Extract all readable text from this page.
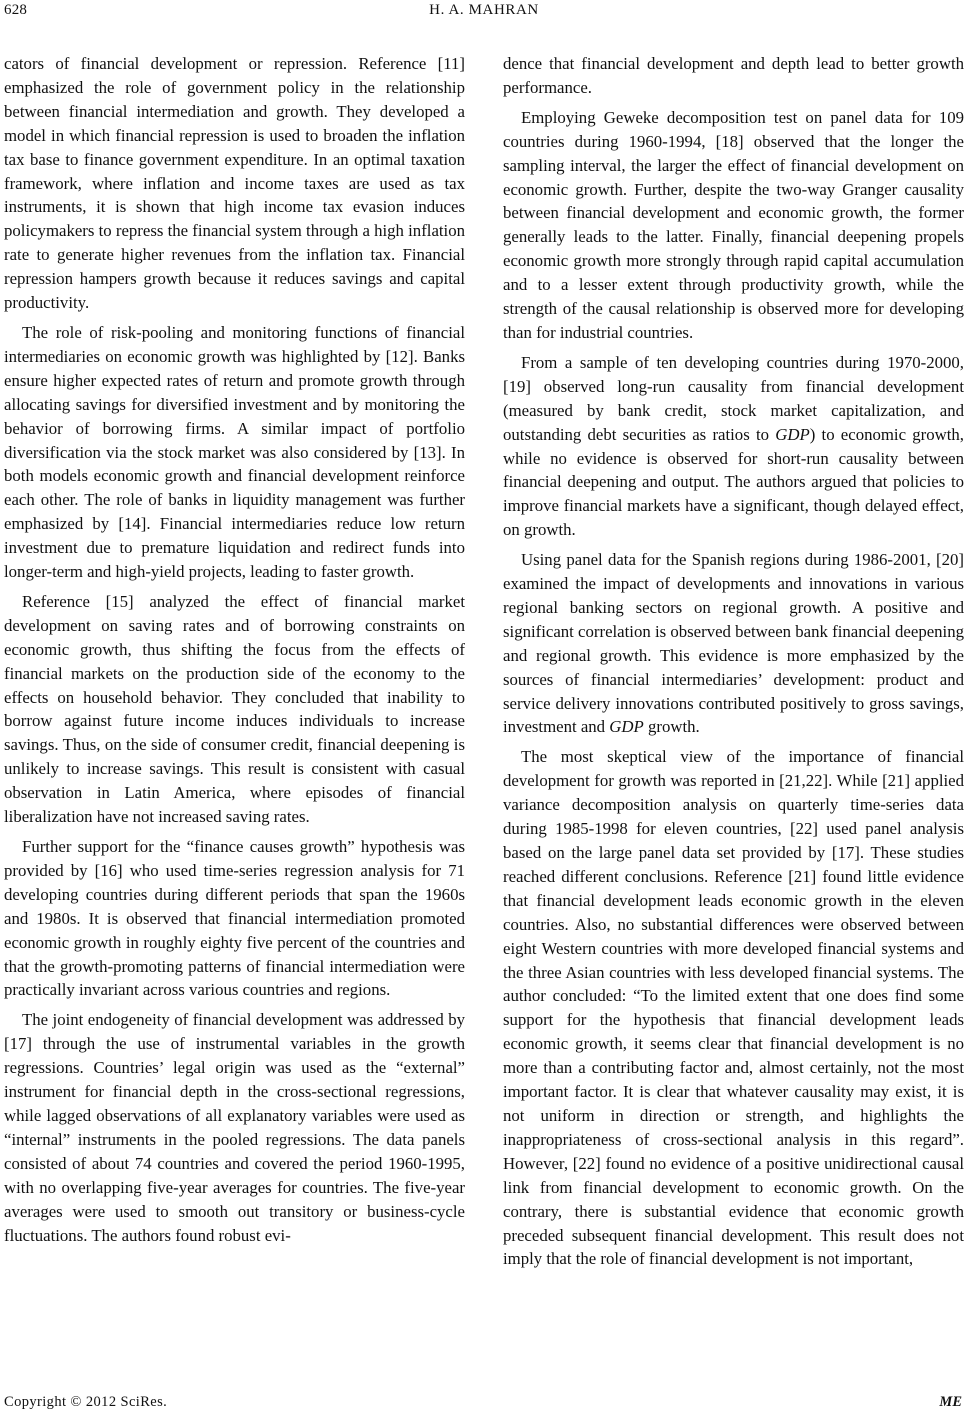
628	H. A. MAHRAN

cators of financial development or repression. Reference [11] emphasized the role of government policy in the relationship between financial intermediation and growth. They developed a model in which financial repression is used to broaden the inflation tax base to finance government expenditure. In an optimal taxation framework, where inflation and income taxes are used as tax instruments, it is shown that high income tax evasion induces policymakers to repress the financial system through a high inflation rate to generate higher revenues from the inflation tax. Financial repression hampers growth because it reduces savings and capital productivity.

The role of risk-pooling and monitoring functions of financial intermediaries on economic growth was highlighted by [12]. Banks ensure higher expected rates of return and promote growth through allocating savings for diversified investment and by monitoring the behavior of borrowing firms. A similar impact of portfolio diversification via the stock market was also considered by [13]. In both models economic growth and financial development reinforce each other. The role of banks in liquidity management was further emphasized by [14]. Financial intermediaries reduce low return investment due to premature liquidation and redirect funds into longer-term and high-yield projects, leading to faster growth.

Reference [15] analyzed the effect of financial market development on saving rates and of borrowing constraints on economic growth, thus shifting the focus from the effects of financial markets on the production side of the economy to the effects on household behavior. They concluded that inability to borrow against future income induces individuals to increase savings. Thus, on the side of consumer credit, financial deepening is unlikely to increase savings. This result is consistent with casual observation in Latin America, where episodes of financial liberalization have not increased saving rates.

Further support for the “finance causes growth” hypothesis was provided by [16] who used time-series regression analysis for 71 developing countries during different periods that span the 1960s and 1980s. It is observed that financial intermediation promoted economic growth in roughly eighty five percent of the countries and that the growth-promoting patterns of financial intermediation were practically invariant across various countries and regions.

The joint endogeneity of financial development was addressed by [17] through the use of instrumental variables in the growth regressions. Countries’ legal origin was used as the “external” instrument for financial depth in the cross-sectional regressions, while lagged observations of all explanatory variables were used as “internal” instruments in the pooled regressions. The data panels consisted of about 74 countries and covered the period 1960-1995, with no overlapping five-year averages for countries. The five-year averages were used to smooth out transitory or business-cycle fluctuations. The authors found robust evi-

dence that financial development and depth lead to better growth performance.

Employing Geweke decomposition test on panel data for 109 countries during 1960-1994, [18] observed that the longer the sampling interval, the larger the effect of financial development on economic growth. Further, despite the two-way Granger causality between financial development and economic growth, the former generally leads to the latter. Finally, financial deepening propels economic growth more strongly through rapid capital accumulation and to a lesser extent through productivity growth, while the strength of the causal relationship is observed more for developing than for industrial countries.

From a sample of ten developing countries during 1970-2000, [19] observed long-run causality from financial development (measured by bank credit, stock market capitalization, and outstanding debt securities as ratios to GDP) to economic growth, while no evidence is observed for short-run causality between financial deepening and output. The authors argued that policies to improve financial markets have a significant, though delayed effect, on growth.

Using panel data for the Spanish regions during 1986-2001, [20] examined the impact of developments and innovations in various regional banking sectors on regional growth. A positive and significant correlation is observed between bank financial deepening and regional growth. This evidence is more emphasized by the sources of financial intermediaries’ development: product and service delivery innovations contributed positively to gross savings, investment and GDP growth.

The most skeptical view of the importance of financial development for growth was reported in [21,22]. While [21] applied variance decomposition analysis on quarterly time-series data during 1985-1998 for eleven countries, [22] used panel analysis based on the large panel data set provided by [17]. These studies reached different conclusions. Reference [21] found little evidence that financial development leads economic growth in the eleven countries. Also, no substantial differences were observed between eight Western countries with more developed financial systems and the three Asian countries with less developed financial systems. The author concluded: “To the limited extent that one does find some support for the hypothesis that financial development leads economic growth, it seems clear that financial development is no more than a contributing factor and, almost certainly, not the most important factor. It is clear that whatever causality may exist, it is not uniform in direction or strength, and highlights the inappropriateness of cross-sectional analysis in this regard”. However, [22] found no evidence of a positive unidirectional causal link from financial development to economic growth. On the contrary, there is substantial evidence that economic growth preceded subsequent financial development. This result does not imply that the role of financial development is not important,

Copyright © 2012 SciRes.	ME
